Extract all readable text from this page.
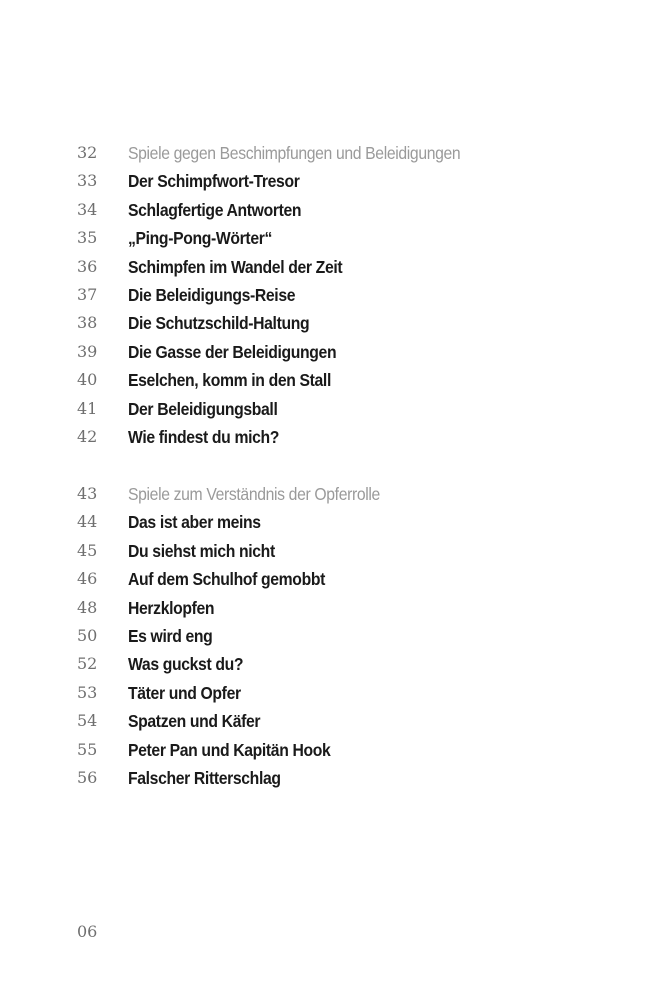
32 Spiele gegen Beschimpfungen und Beleidigungen
33 Der Schimpfwort-Tresor
34 Schlagfertige Antworten
35 „Ping-Pong-Wörter“
36 Schimpfen im Wandel der Zeit
37 Die Beleidigungs-Reise
38 Die Schutzschild-Haltung
39 Die Gasse der Beleidigungen
40 Eselchen, komm in den Stall
41 Der Beleidigungsball
42 Wie findest du mich?
43 Spiele zum Verständnis der Opferrolle
44 Das ist aber meins
45 Du siehst mich nicht
46 Auf dem Schulhof gemobbt
48 Herzklopfen
50 Es wird eng
52 Was guckst du?
53 Täter und Opfer
54 Spatzen und Käfer
55 Peter Pan und Kapitän Hook
56 Falscher Ritterschlag
06
